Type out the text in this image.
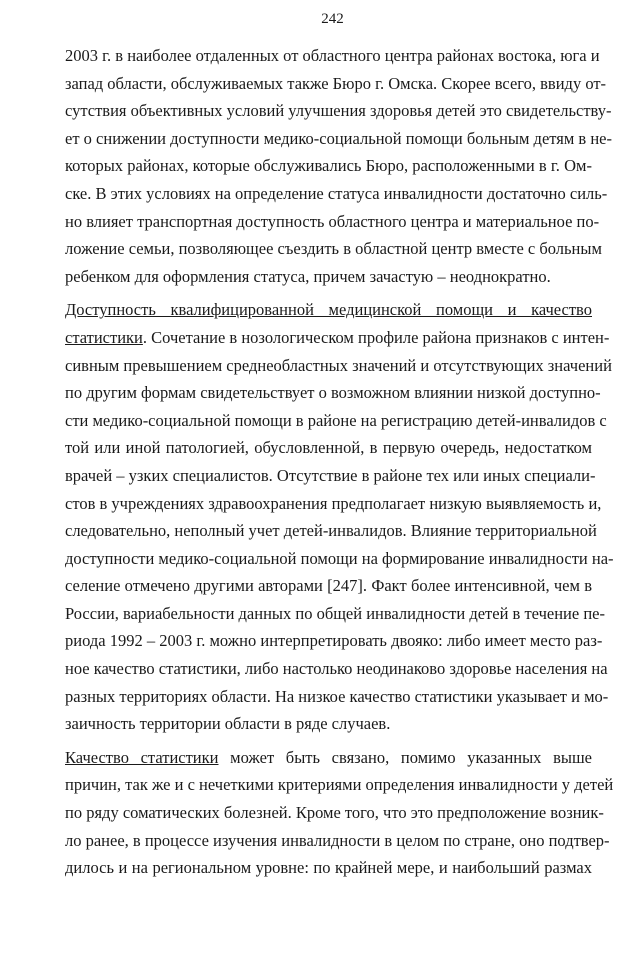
242
2003 г. в наиболее отдаленных от областного центра районах востока, юга и
запад области, обслуживаемых также Бюро г. Омска. Скорее всего, ввиду от-
сутствия объективных условий улучшения здоровья детей это свидетельству-
ет о снижении доступности медико-социальной помощи больным детям в не-
которых районах, которые обслуживались Бюро, расположенными в г. Ом-
ске. В этих условиях на определение статуса инвалидности достаточно силь-
но влияет транспортная доступность областного центра и материальное по-
ложение семьи, позволяющее съездить в областной центр вместе с больным
ребенком для оформления статуса, причем зачастую – неоднократно.
Доступность квалифицированной медицинской помощи и качество
статистики. Сочетание в нозологическом профиле района признаков с интен-
сивным превышением среднеобластных значений и отсутствующих значений
по другим формам свидетельствует о возможном влиянии низкой доступно-
сти медико-социальной помощи в районе на регистрацию детей-инвалидов с
той или иной патологией, обусловленной, в первую очередь, недостатком
врачей – узких специалистов. Отсутствие в районе тех или иных специали-
стов в учреждениях здравоохранения предполагает низкую выявляемость и,
следовательно, неполный учет детей-инвалидов. Влияние территориальной
доступности медико-социальной помощи на формирование инвалидности на-
селение отмечено другими авторами [247]. Факт более интенсивной, чем в
России, вариабельности данных по общей инвалидности детей в течение пе-
риода 1992 – 2003 г. можно интерпретировать двояко: либо имеет место раз-
ное качество статистики, либо настолько неодинаково здоровье населения на
разных территориях области. На низкое качество статистики указывает и мо-
заичность территории области в ряде случаев.
Качество статистики может быть связано, помимо указанных выше
причин, так же и с нечеткими критериями определения инвалидности у детей
по ряду соматических болезней. Кроме того, что это предположение возник-
ло ранее, в процессе изучения инвалидности в целом по стране, оно подтвер-
дилось и на региональном уровне: по крайней мере, и наибольший размах
